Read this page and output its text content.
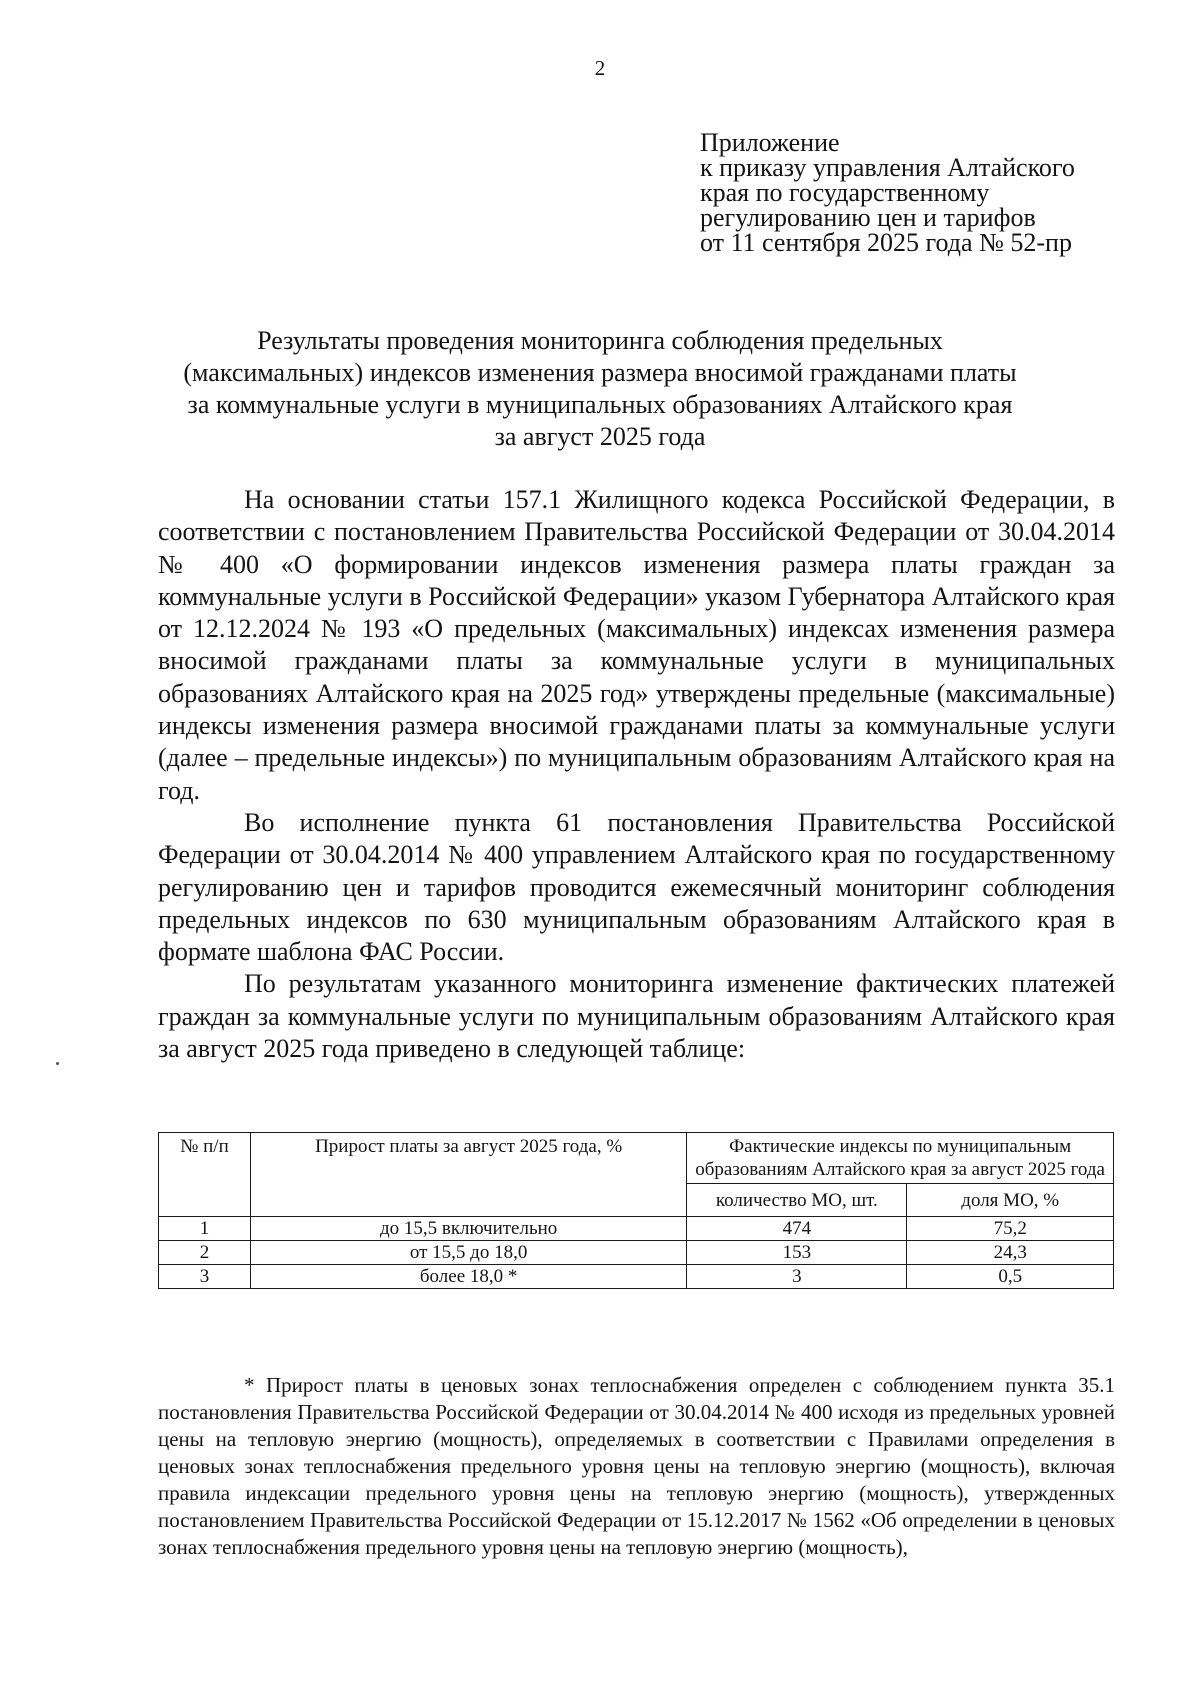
2
Приложение
к приказу управления Алтайского
края по государственному
регулированию цен и тарифов
от 11 сентября 2025 года № 52-пр
Результаты проведения мониторинга соблюдения предельных
(максимальных) индексов изменения размера вносимой гражданами платы
за коммунальные услуги в муниципальных образованиях Алтайского края
за август 2025 года

На основании статьи 157.1 Жилищного кодекса Российской Федерации, в соответствии с постановлением Правительства Российской Федерации от 30.04.2014 № 400 «О формировании индексов изменения размера платы граждан за коммунальные услуги в Российской Федерации» указом Губернатора Алтайского края от 12.12.2024 № 193 «О предельных (максимальных) индексах изменения размера вносимой гражданами платы за коммунальные услуги в муниципальных образованиях Алтайского края на 2025 год» утверждены предельные (максимальные) индексы изменения размера вносимой гражданами платы за коммунальные услуги (далее – предельные индексы») по муниципальным образованиям Алтайского края на год.

Во исполнение пункта 61 постановления Правительства Российской Федерации от 30.04.2014 № 400 управлением Алтайского края по государственному регулированию цен и тарифов проводится ежемесячный мониторинг соблюдения предельных индексов по 630 муниципальным образованиям Алтайского края в формате шаблона ФАС России.

По результатам указанного мониторинга изменение фактических платежей граждан за коммунальные услуги по муниципальным образованиям Алтайского края за август 2025 года приведено в следующей таблице:

№ п/п	Прирост платы за август 2025 года, %	Фактические индексы по муниципальным образованиям Алтайского края за август 2025 года	
		количество МО, шт.	доля МО, %
1	до 15,5 включительно	474	75,2
2	от 15,5 до 18,0	153	24,3
3	более 18,0 *	3	0,5

* Прирост платы в ценовых зонах теплоснабжения определен с соблюдением пункта 35.1 постановления Правительства Российской Федерации от 30.04.2014 № 400 исходя из предельных уровней цены на тепловую энергию (мощность), определяемых в соответствии с Правилами определения в ценовых зонах теплоснабжения предельного уровня цены на тепловую энергию (мощность), включая правила индексации предельного уровня цены на тепловую энергию (мощность), утвержденных постановлением Правительства Российской Федерации от 15.12.2017 № 1562 «Об определении в ценовых зонах теплоснабжения предельного уровня цены на тепловую энергию (мощность),
